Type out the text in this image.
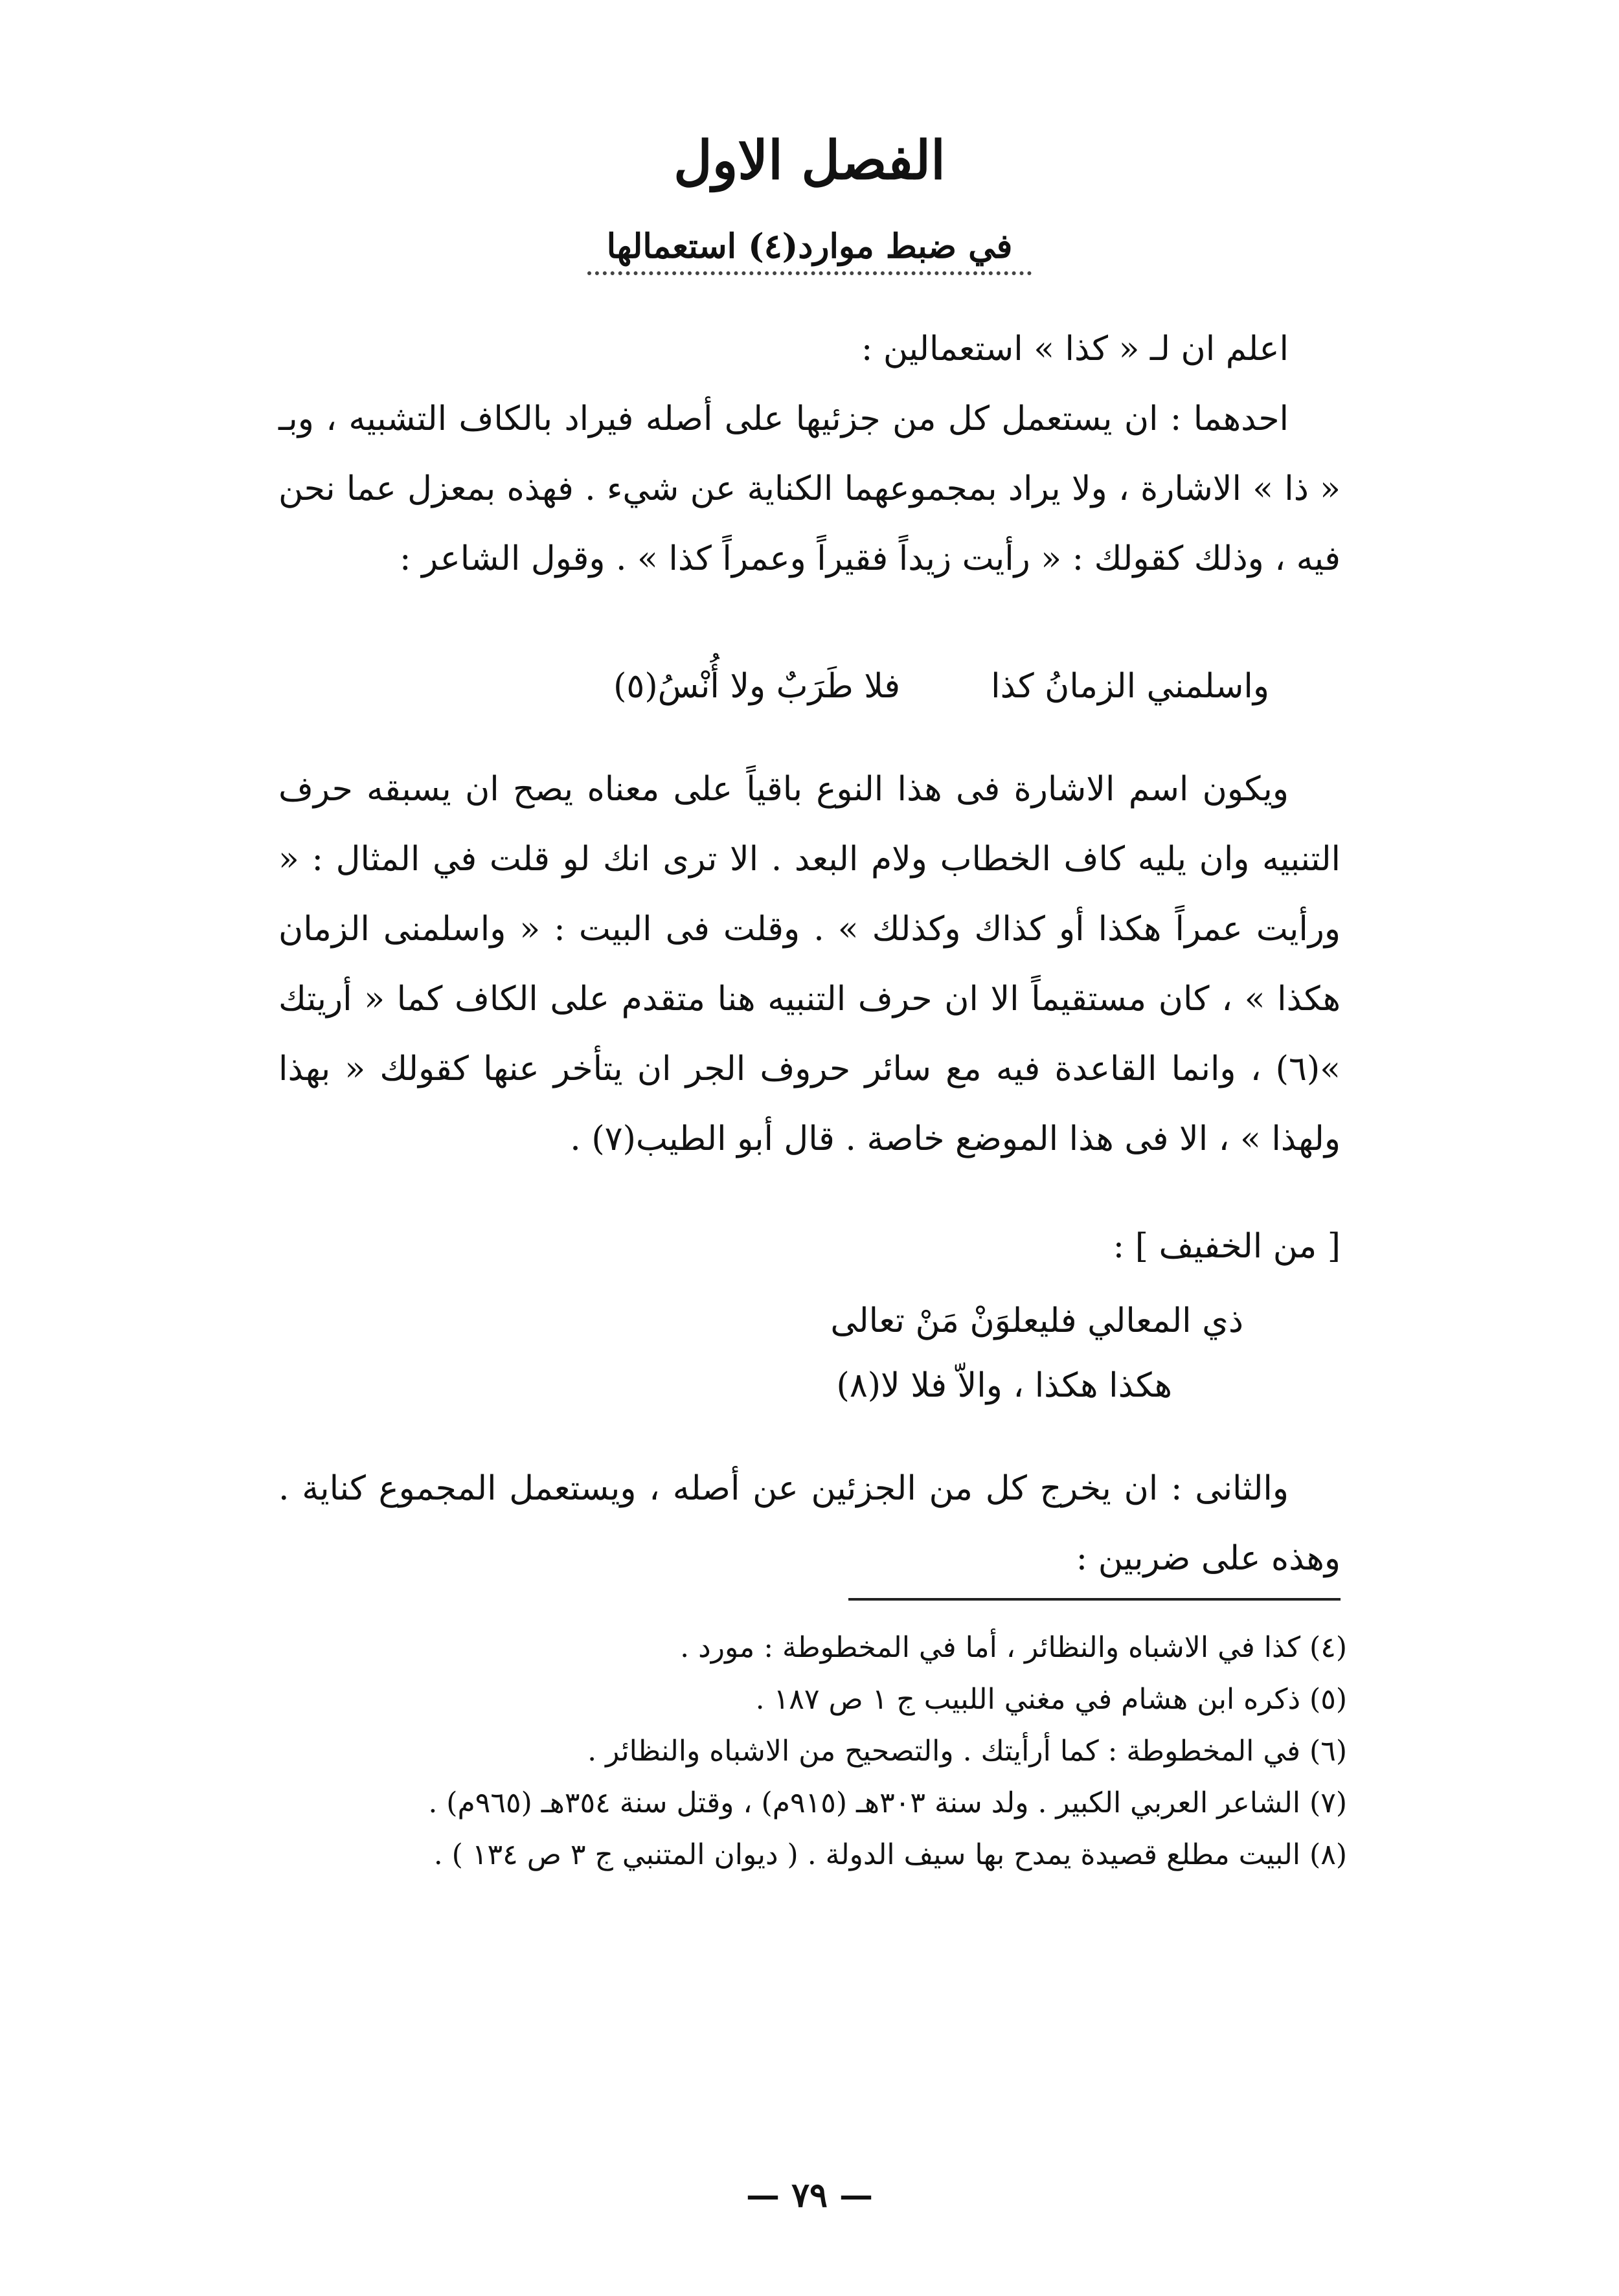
الفصل الاول
في ضبط موارد(٤) استعمالها

اعلم ان لـ « كذا » استعمالين :

احدهما : ان يستعمل كل من جزئيها على أصله فيراد بالكاف التشبيه ، وبـ « ذا » الاشارة ، ولا يراد بمجموعهما الكناية عن شيء . فهذه بمعزل عما نحن فيه ، وذلك كقولك : « رأيت زيداً فقيراً وعمراً كذا » . وقول الشاعر :

واسلمني الزمانُ كذافلا طَرَبٌ ولا أُنْسُ(٥)
ويكون اسم الاشارة فى هذا النوع باقياً على معناه يصح ان يسبقه حرف التنبيه وان يليه كاف الخطاب ولام البعد . الا ترى انك لو قلت في المثال : « ورأيت عمراً هكذا أو كذاك وكذلك » . وقلت فى البيت : « واسلمنى الزمان هكذا » ، كان مستقيماً الا ان حرف التنبيه هنا متقدم على الكاف كما « أريتك »(٦) ، وانما القاعدة فيه مع سائر حروف الجر ان يتأخر عنها كقولك « بهذا ولهذا » ، الا فى هذا الموضع خاصة . قال أبو الطيب(٧) .
[ من الخفيف ] :
ذي المعالي فليعلوَنْ مَنْ تعالى
هكذا هكذا ، والاّ فلا لا(٨)
والثانى : ان يخرج كل من الجزئين عن أصله ، ويستعمل المجموع كناية . وهذه على ضربين :

(٤) كذا في الاشباه والنظائر ، أما في المخطوطة : مورد .

(٥) ذكره ابن هشام في مغني اللبيب ج ١ ص ١٨٧ .

(٦) في المخطوطة : كما أرأيتك . والتصحيح من الاشباه والنظائر .

(٧) الشاعر العربي الكبير . ولد سنة ٣٠٣هـ (٩١٥م) ، وقتل سنة ٣٥٤هـ (٩٦٥م) .

(٨) البيت مطلع قصيدة يمدح بها سيف الدولة . ( ديوان المتنبي ج ٣ ص ١٣٤ ) .

— ٧٩ —
